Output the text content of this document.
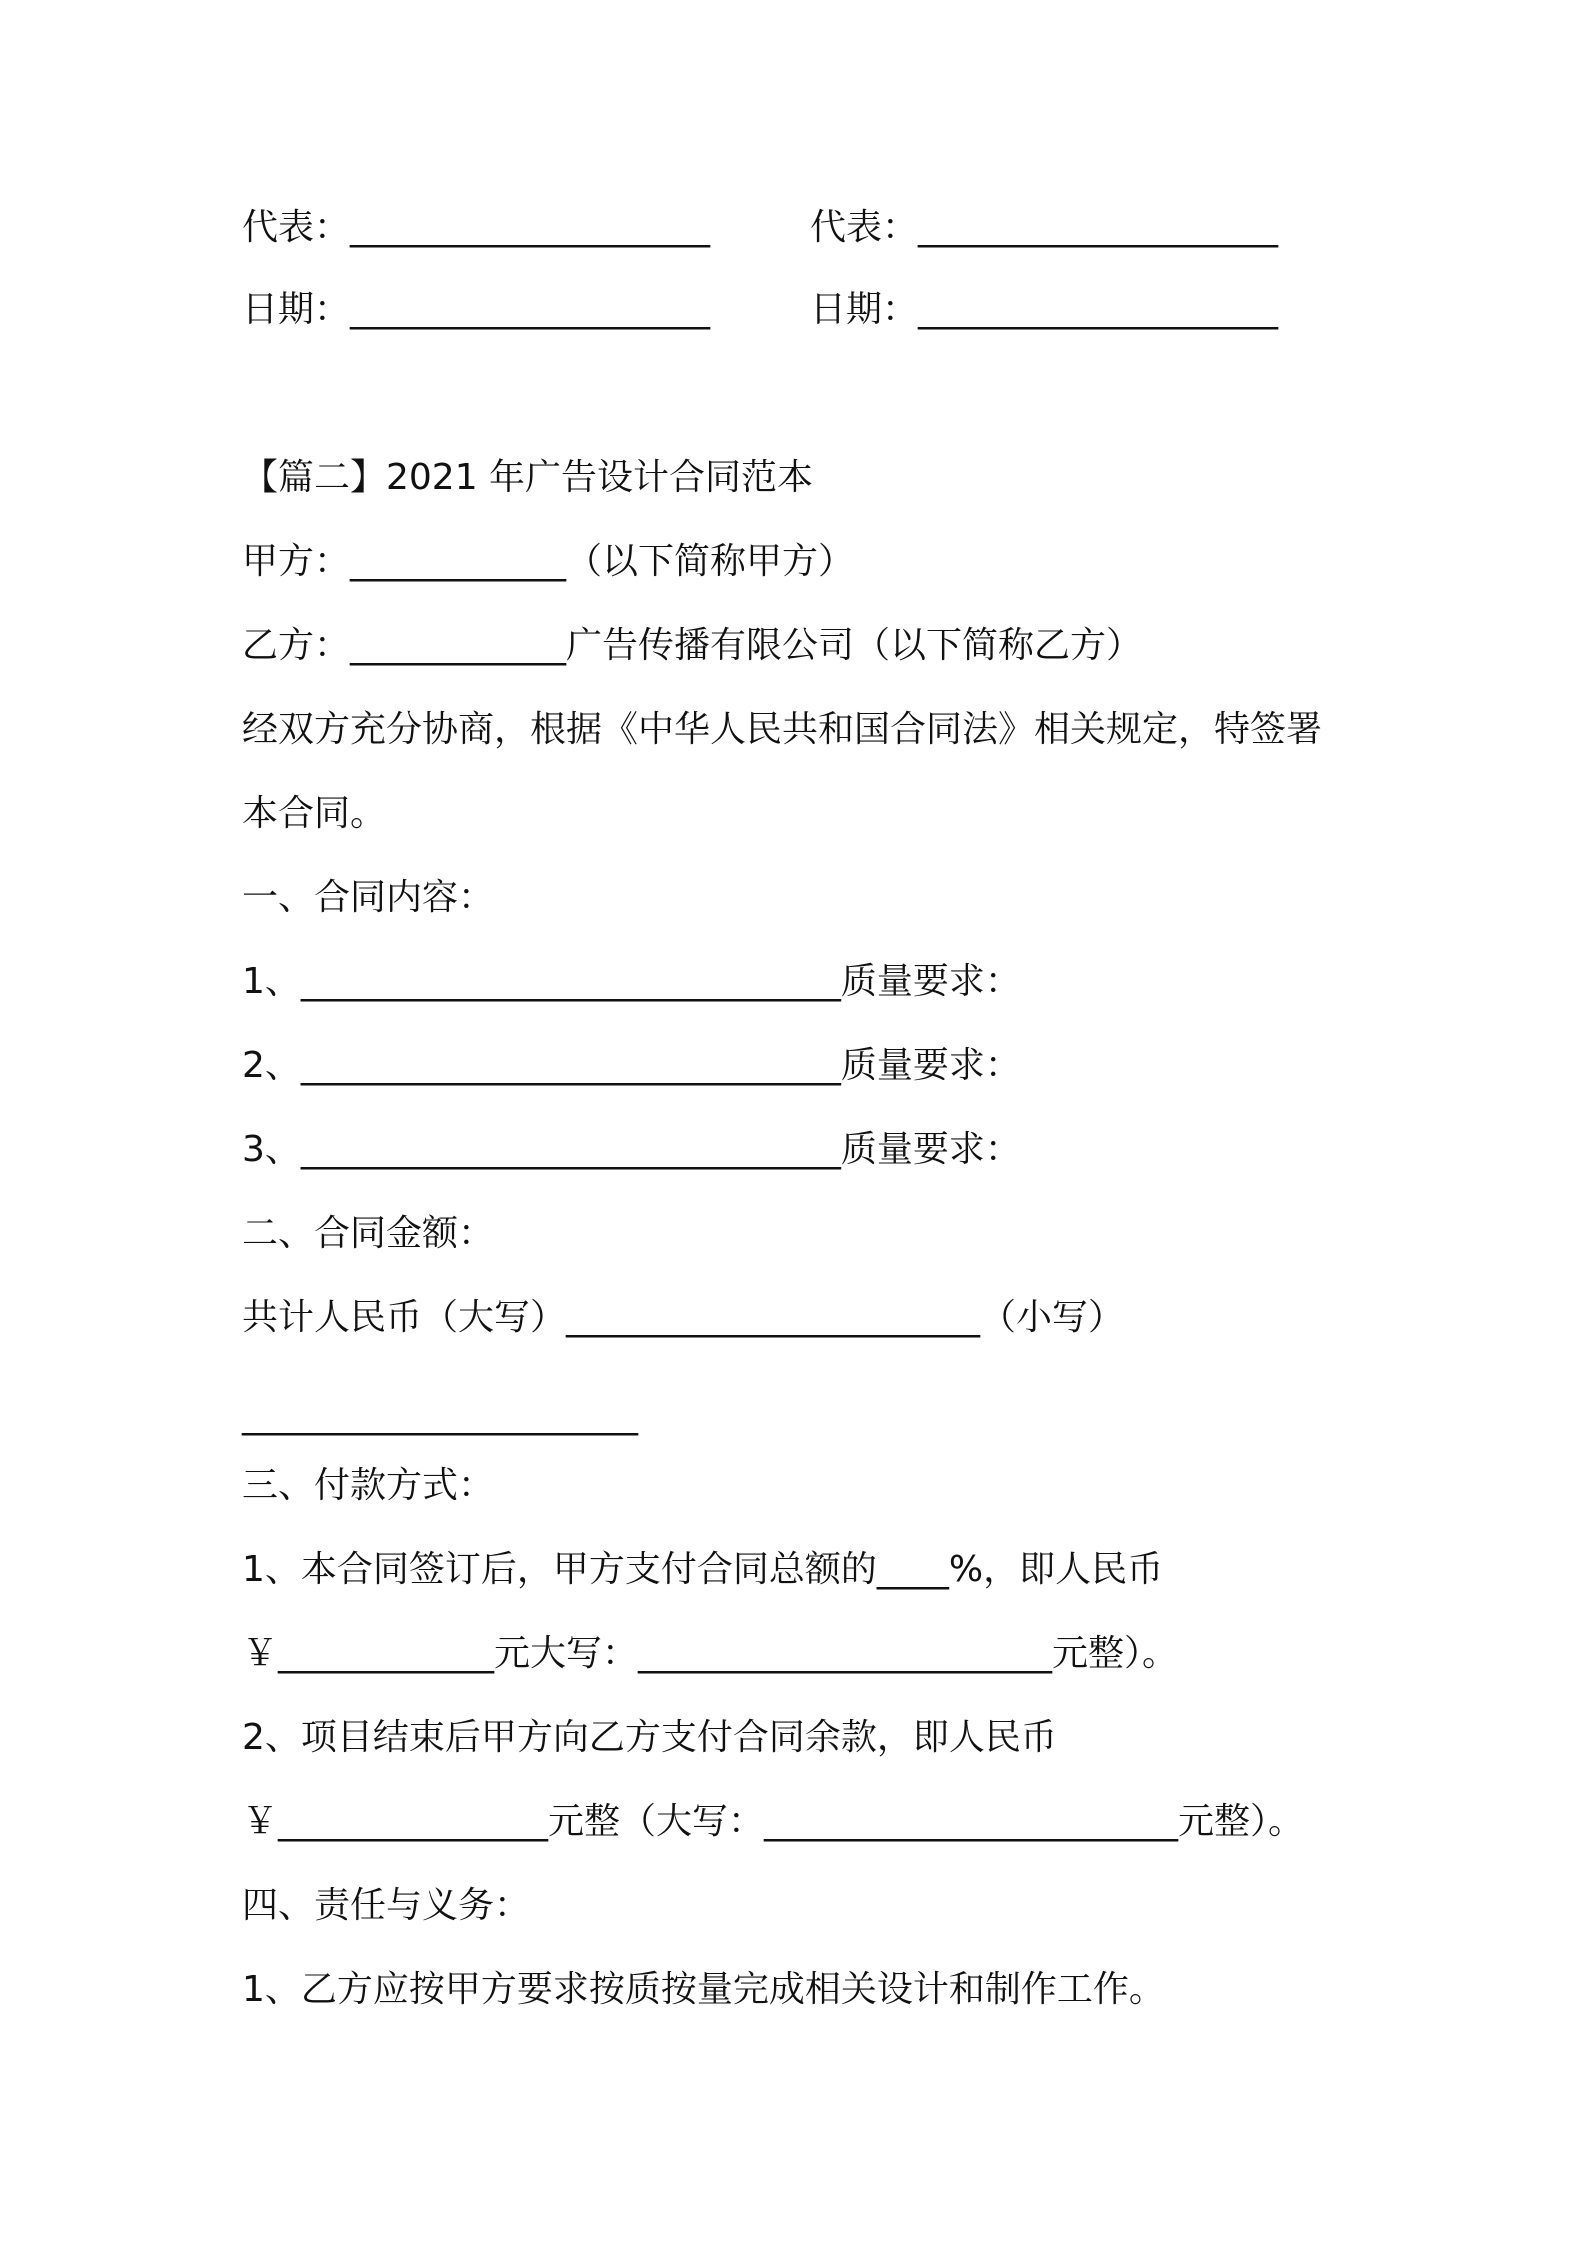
代表：____________________	代表：____________________
日期：____________________	日期：____________________
【篇二】2021 年广告设计合同范本
甲方：____________（以下简称甲方）
乙方：____________广告传播有限公司（以下简称乙方）
经双方充分协商，根据《中华人民共和国合同法》相关规定，特签署
本合同。
一、合同内容：
1、______________________________质量要求：
2、______________________________质量要求：
3、______________________________质量要求：
二、合同金额：
共计人民币（大写）_______________________（小写）
______________________
三、付款方式：
1、本合同签订后，甲方支付合同总额的____%，即人民币
￥____________元大写：_______________________元整）。
2、项目结束后甲方向乙方支付合同余款，即人民币
￥_______________元整（大写：_______________________元整）。
四、责任与义务：
1、乙方应按甲方要求按质按量完成相关设计和制作工作。
